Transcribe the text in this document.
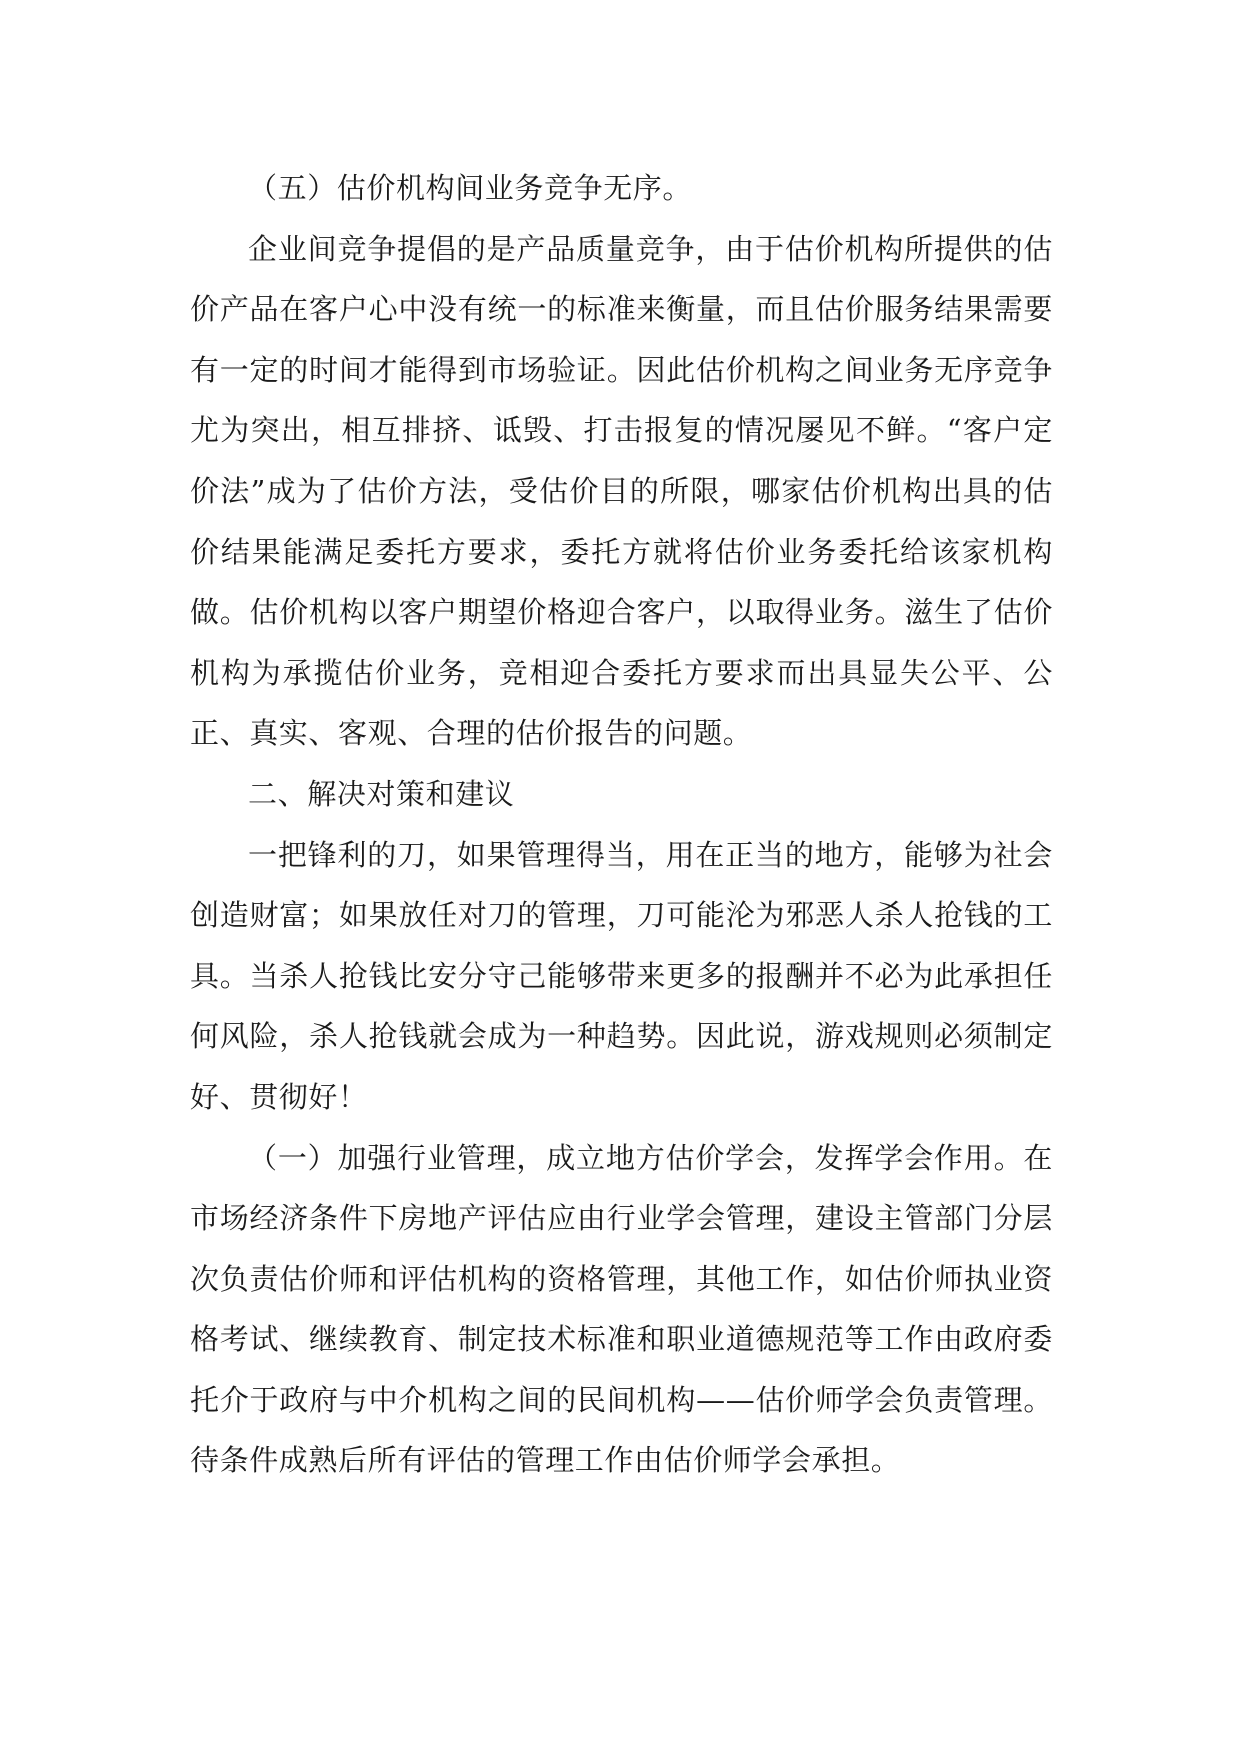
（五）估价机构间业务竞争无序。

企业间竞争提倡的是产品质量竞争，由于估价机构所提供的估价产品在客户心中没有统一的标准来衡量，而且估价服务结果需要有一定的时间才能得到市场验证。因此估价机构之间业务无序竞争尤为突出，相互排挤、诋毁、打击报复的情况屡见不鲜。“客户定价法”成为了估价方法，受估价目的所限，哪家估价机构出具的估价结果能满足委托方要求，委托方就将估价业务委托给该家机构做。估价机构以客户期望价格迎合客户，以取得业务。滋生了估价机构为承揽估价业务，竞相迎合委托方要求而出具显失公平、公正、真实、客观、合理的估价报告的问题。

二、解决对策和建议

一把锋利的刀，如果管理得当，用在正当的地方，能够为社会创造财富；如果放任对刀的管理，刀可能沦为邪恶人杀人抢钱的工具。当杀人抢钱比安分守己能够带来更多的报酬并不必为此承担任何风险，杀人抢钱就会成为一种趋势。因此说，游戏规则必须制定好、贯彻好！

（一）加强行业管理，成立地方估价学会，发挥学会作用。在市场经济条件下房地产评估应由行业学会管理，建设主管部门分层次负责估价师和评估机构的资格管理，其他工作，如估价师执业资格考试、继续教育、制定技术标准和职业道德规范等工作由政府委托介于政府与中介机构之间的民间机构——估价师学会负责管理。待条件成熟后所有评估的管理工作由估价师学会承担。
